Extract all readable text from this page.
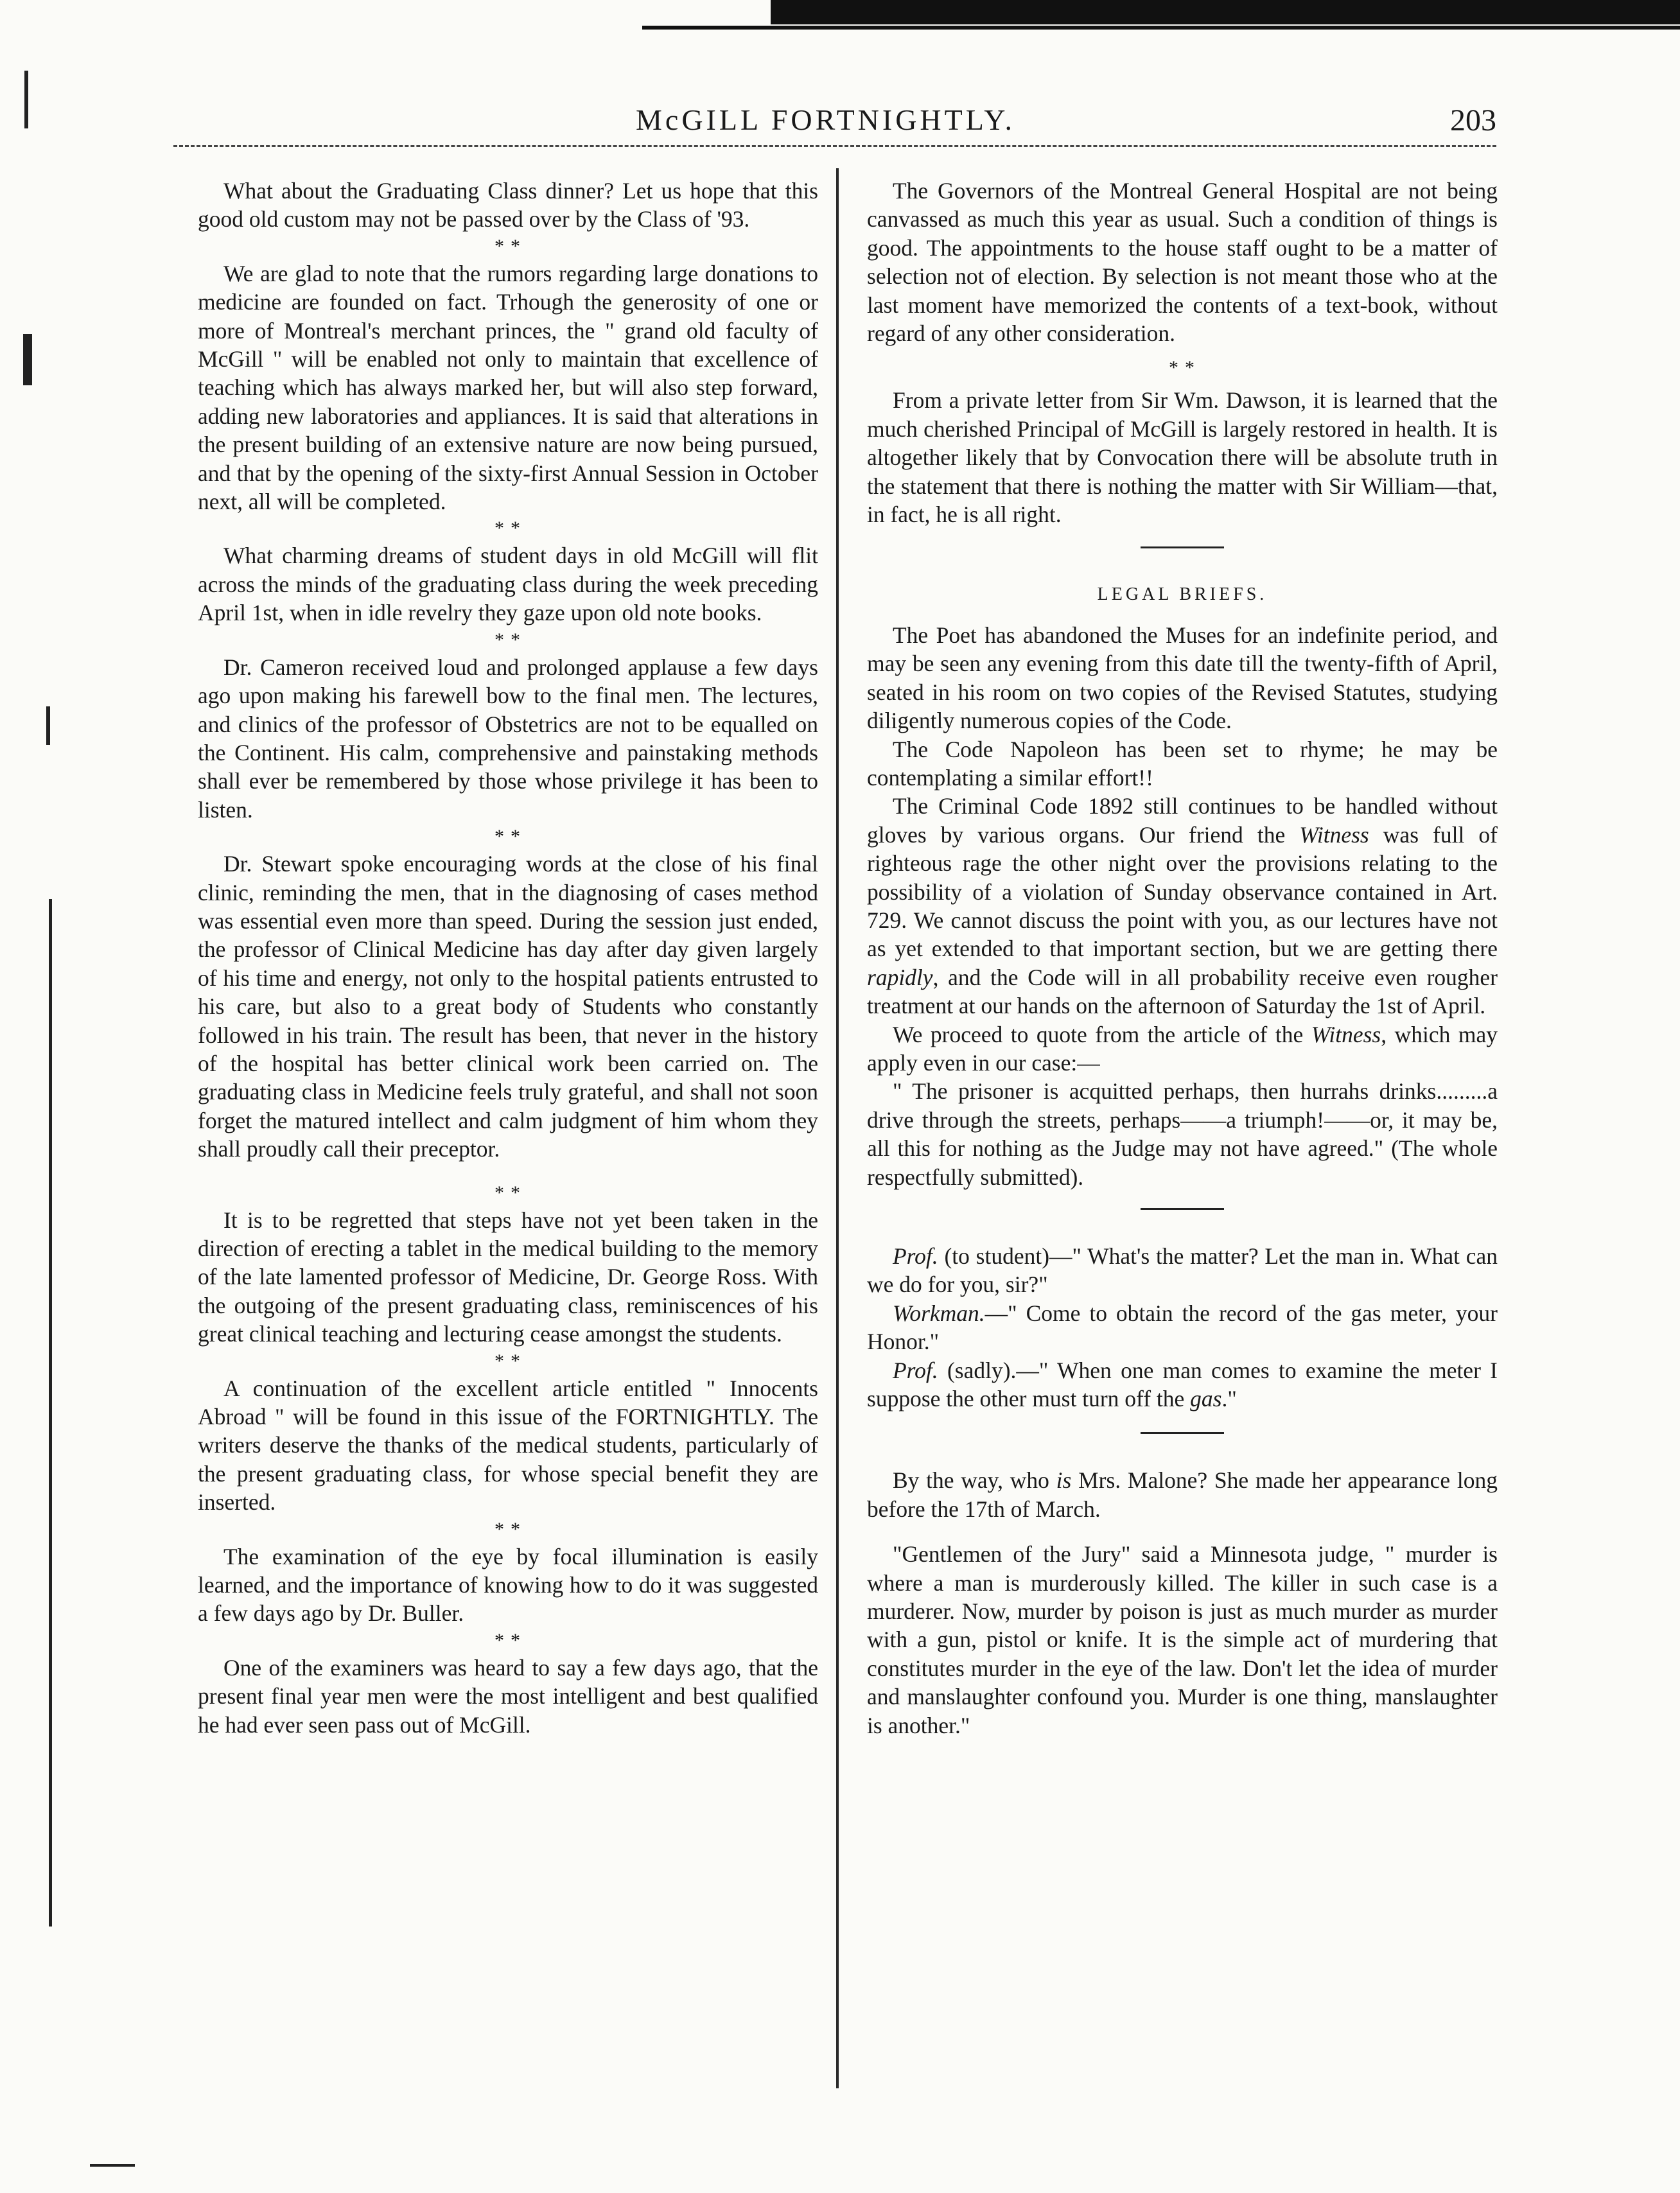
McGILL FORTNIGHTLY.	203

What about the Graduating Class dinner? Let us hope that this good old custom may not be passed over by the Class of '93.

* *

We are glad to note that the rumors regarding large donations to medicine are founded on fact. Trhough the generosity of one or more of Montreal's merchant princes, the " grand old faculty of McGill " will be enabled not only to maintain that excellence of teaching which has always marked her, but will also step forward, adding new laboratories and appliances. It is said that alterations in the present building of an extensive nature are now being pursued, and that by the opening of the sixty-first Annual Session in October next, all will be completed.

* *

What charming dreams of student days in old McGill will flit across the minds of the graduating class during the week preceding April 1st, when in idle revelry they gaze upon old note books.

* *

Dr. Cameron received loud and prolonged applause a few days ago upon making his farewell bow to the final men. The lectures, and clinics of the professor of Obstetrics are not to be equalled on the Continent. His calm, comprehensive and painstaking methods shall ever be remembered by those whose privilege it has been to listen.

* *

Dr. Stewart spoke encouraging words at the close of his final clinic, reminding the men, that in the diagnosing of cases method was essential even more than speed. During the session just ended, the professor of Clinical Medicine has day after day given largely of his time and energy, not only to the hospital patients entrusted to his care, but also to a great body of Students who constantly followed in his train. The result has been, that never in the history of the hospital has better clinical work been carried on. The graduating class in Medicine feels truly grateful, and shall not soon forget the matured intellect and calm judgment of him whom they shall proudly call their preceptor.

* *

It is to be regretted that steps have not yet been taken in the direction of erecting a tablet in the medical building to the memory of the late lamented professor of Medicine, Dr. George Ross. With the outgoing of the present graduating class, reminiscences of his great clinical teaching and lecturing cease amongst the students.

* *

A continuation of the excellent article entitled " Innocents Abroad " will be found in this issue of the FORTNIGHTLY. The writers deserve the thanks of the medical students, particularly of the present graduating class, for whose special benefit they are inserted.

* *

The examination of the eye by focal illumination is easily learned, and the importance of knowing how to do it was suggested a few days ago by Dr. Buller.

* *

One of the examiners was heard to say a few days ago, that the present final year men were the most intelligent and best qualified he had ever seen pass out of McGill.

The Governors of the Montreal General Hospital are not being canvassed as much this year as usual. Such a condition of things is good. The appointments to the house staff ought to be a matter of selection not of election. By selection is not meant those who at the last moment have memorized the contents of a text-book, without regard of any other consideration.

* *

From a private letter from Sir Wm. Dawson, it is learned that the much cherished Principal of McGill is largely restored in health. It is altogether likely that by Convocation there will be absolute truth in the statement that there is nothing the matter with Sir William—that, in fact, he is all right.

LEGAL BRIEFS.

The Poet has abandoned the Muses for an indefinite period, and may be seen any evening from this date till the twenty-fifth of April, seated in his room on two copies of the Revised Statutes, studying diligently numerous copies of the Code.

The Code Napoleon has been set to rhyme; he may be contemplating a similar effort!!

The Criminal Code 1892 still continues to be handled without gloves by various organs. Our friend the Witness was full of righteous rage the other night over the provisions relating to the possibility of a violation of Sunday observance contained in Art. 729. We cannot discuss the point with you, as our lectures have not as yet extended to that important section, but we are getting there rapidly, and the Code will in all probability receive even rougher treatment at our hands on the afternoon of Saturday the 1st of April.

We proceed to quote from the article of the Witness, which may apply even in our case:—

" The prisoner is acquitted perhaps, then hurrahs drinks.........a drive through the streets, perhaps——a triumph!——or, it may be, all this for nothing as the Judge may not have agreed." (The whole respectfully submitted).

Prof. (to student)—" What's the matter? Let the man in. What can we do for you, sir?"

Workman.—" Come to obtain the record of the gas meter, your Honor."

Prof. (sadly).—" When one man comes to examine the meter I suppose the other must turn off the gas."

By the way, who is Mrs. Malone? She made her appearance long before the 17th of March.

"Gentlemen of the Jury" said a Minnesota judge, " murder is where a man is murderously killed. The killer in such case is a murderer. Now, murder by poison is just as much murder as murder with a gun, pistol or knife. It is the simple act of murdering that constitutes murder in the eye of the law. Don't let the idea of murder and manslaughter confound you. Murder is one thing, manslaughter is another."
